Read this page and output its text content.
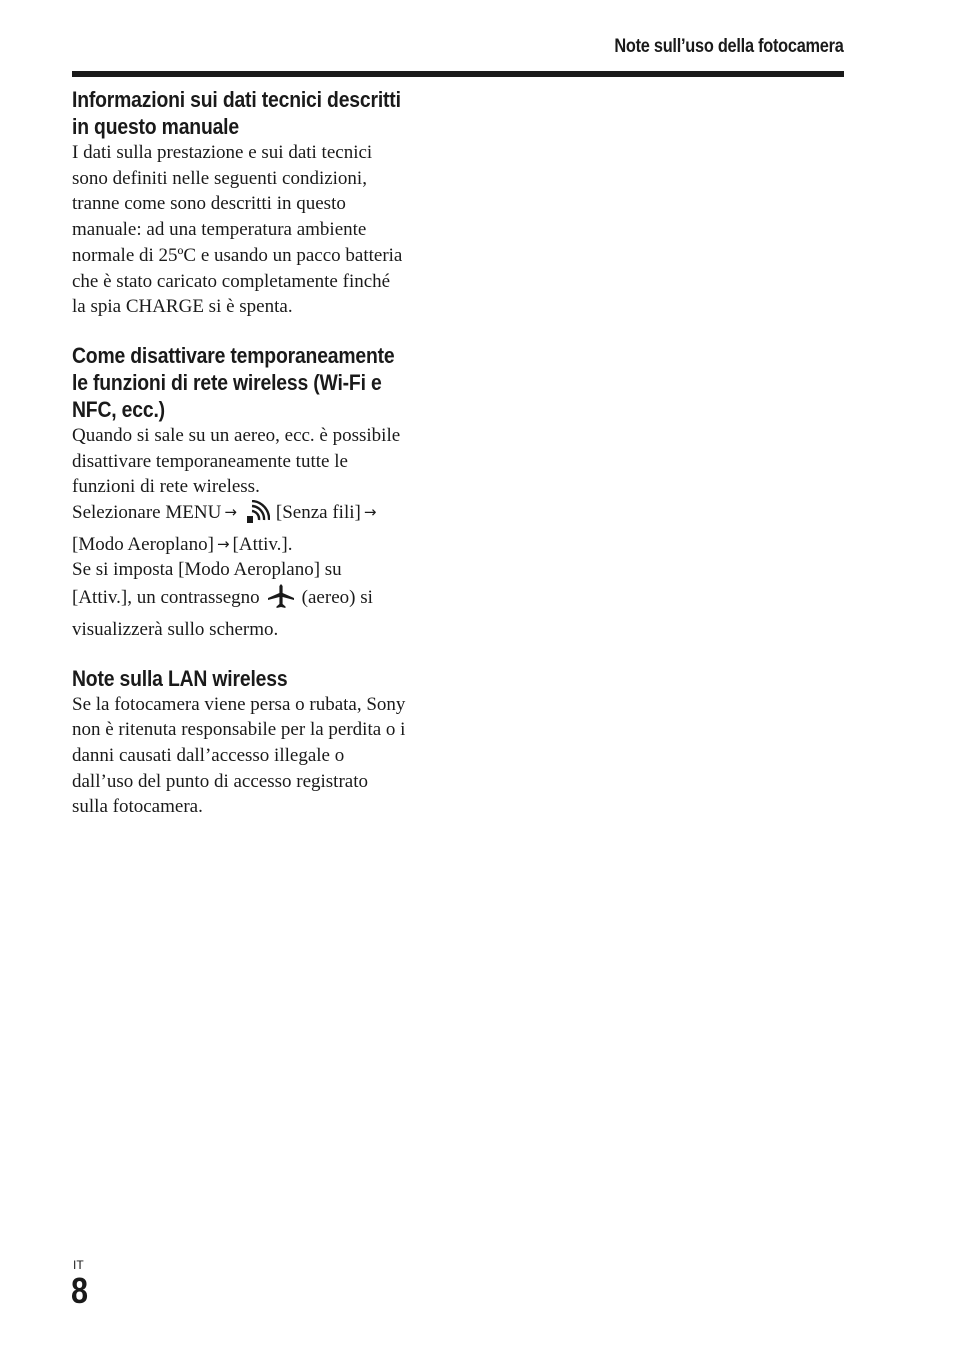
Note sull’uso della fotocamera
Informazioni sui dati tecnici descritti
in questo manuale

I dati sulla prestazione e sui dati tecnici
sono definiti nelle seguenti condizioni,
tranne come sono descritti in questo
manuale: ad una temperatura ambiente
normale di 25ºC e usando un pacco batteria
che è stato caricato completamente finché
la spia CHARGE si è spenta.

Come disattivare temporaneamente
le funzioni di rete wireless (Wi-Fi e
NFC, ecc.)

Quando si sale su un aereo, ecc. è possibile
disattivare temporaneamente tutte le
funzioni di rete wireless.
Selezionare MENU → [Senza fili] →
[Modo Aeroplano] → [Attiv.].
Se si imposta [Modo Aeroplano] su
[Attiv.], un contrassegno (aereo) si
visualizzerà sullo schermo.

Note sulla LAN wireless

Se la fotocamera viene persa o rubata, Sony
non è ritenuta responsabile per la perdita o i
danni causati dall’accesso illegale o
dall’uso del punto di accesso registrato
sulla fotocamera.

IT
8
